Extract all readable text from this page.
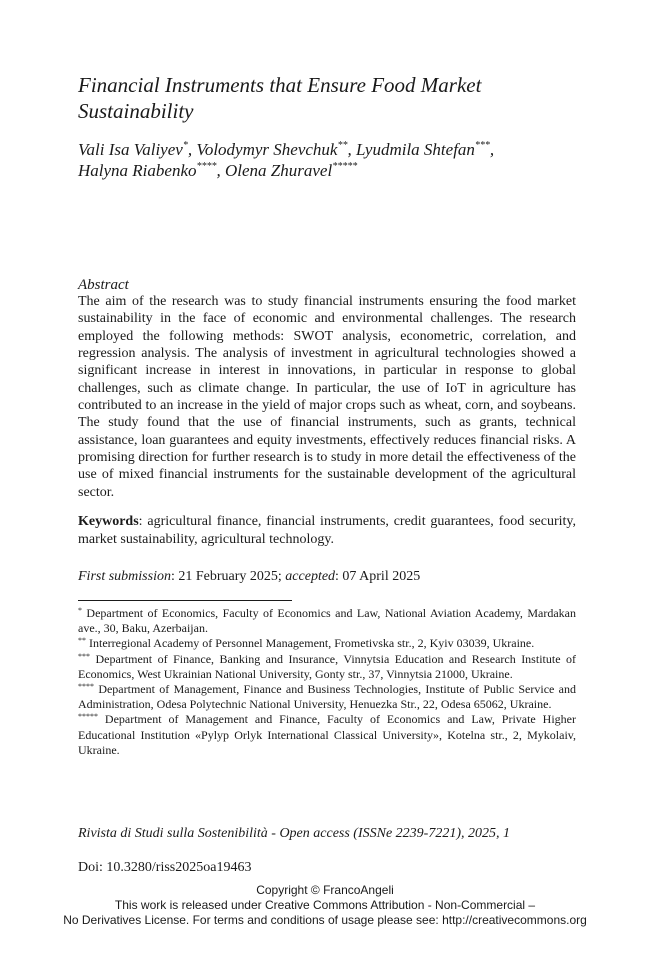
Financial Instruments that Ensure Food Market Sustainability
Vali Isa Valiyev*, Volodymyr Shevchuk**, Lyudmila Shtefan***,
Halyna Riabenko****, Olena Zhuravel*****
Abstract

The aim of the research was to study financial instruments ensuring the food market sustainability in the face of economic and environmental challenges. The research employed the following methods: SWOT analysis, econometric, correlation, and regression analysis. The analysis of investment in agricultural technologies showed a significant increase in interest in innovations, in particular in response to global challenges, such as climate change. In particular, the use of IoT in agriculture has contributed to an increase in the yield of major crops such as wheat, corn, and soybeans. The study found that the use of financial instruments, such as grants, technical assistance, loan guarantees and equity investments, effectively reduces financial risks. A promising direction for further research is to study in more detail the effectiveness of the use of mixed financial instruments for the sustainable development of the agricultural sector.

Keywords: agricultural finance, financial instruments, credit guarantees, food security, market sustainability, agricultural technology.

First submission: 21 February 2025; accepted: 07 April 2025

* Department of Economics, Faculty of Economics and Law, National Aviation Academy, Mardakan ave., 30, Baku, Azerbaijan.

** Interregional Academy of Personnel Management, Frometivska str., 2, Kyiv 03039, Ukraine.

*** Department of Finance, Banking and Insurance, Vinnytsia Education and Research Institute of Economics, West Ukrainian National University, Gonty str., 37, Vinnytsia 21000, Ukraine.

**** Department of Management, Finance and Business Technologies, Institute of Public Service and Administration, Odesa Polytechnic National University, Henuezka Str., 22, Odesa 65062, Ukraine.

***** Department of Management and Finance, Faculty of Economics and Law, Private Higher Educational Institution «Pylyp Orlyk International Classical University», Kotelna str., 2, Mykolaiv, Ukraine.

Rivista di Studi sulla Sostenibilità - Open access (ISSNe 2239-7221), 2025, 1
Doi: 10.3280/riss2025oa19463
Copyright © FrancoAngeli
This work is released under Creative Commons Attribution - Non-Commercial –
No Derivatives License. For terms and conditions of usage please see: http://creativecommons.org
